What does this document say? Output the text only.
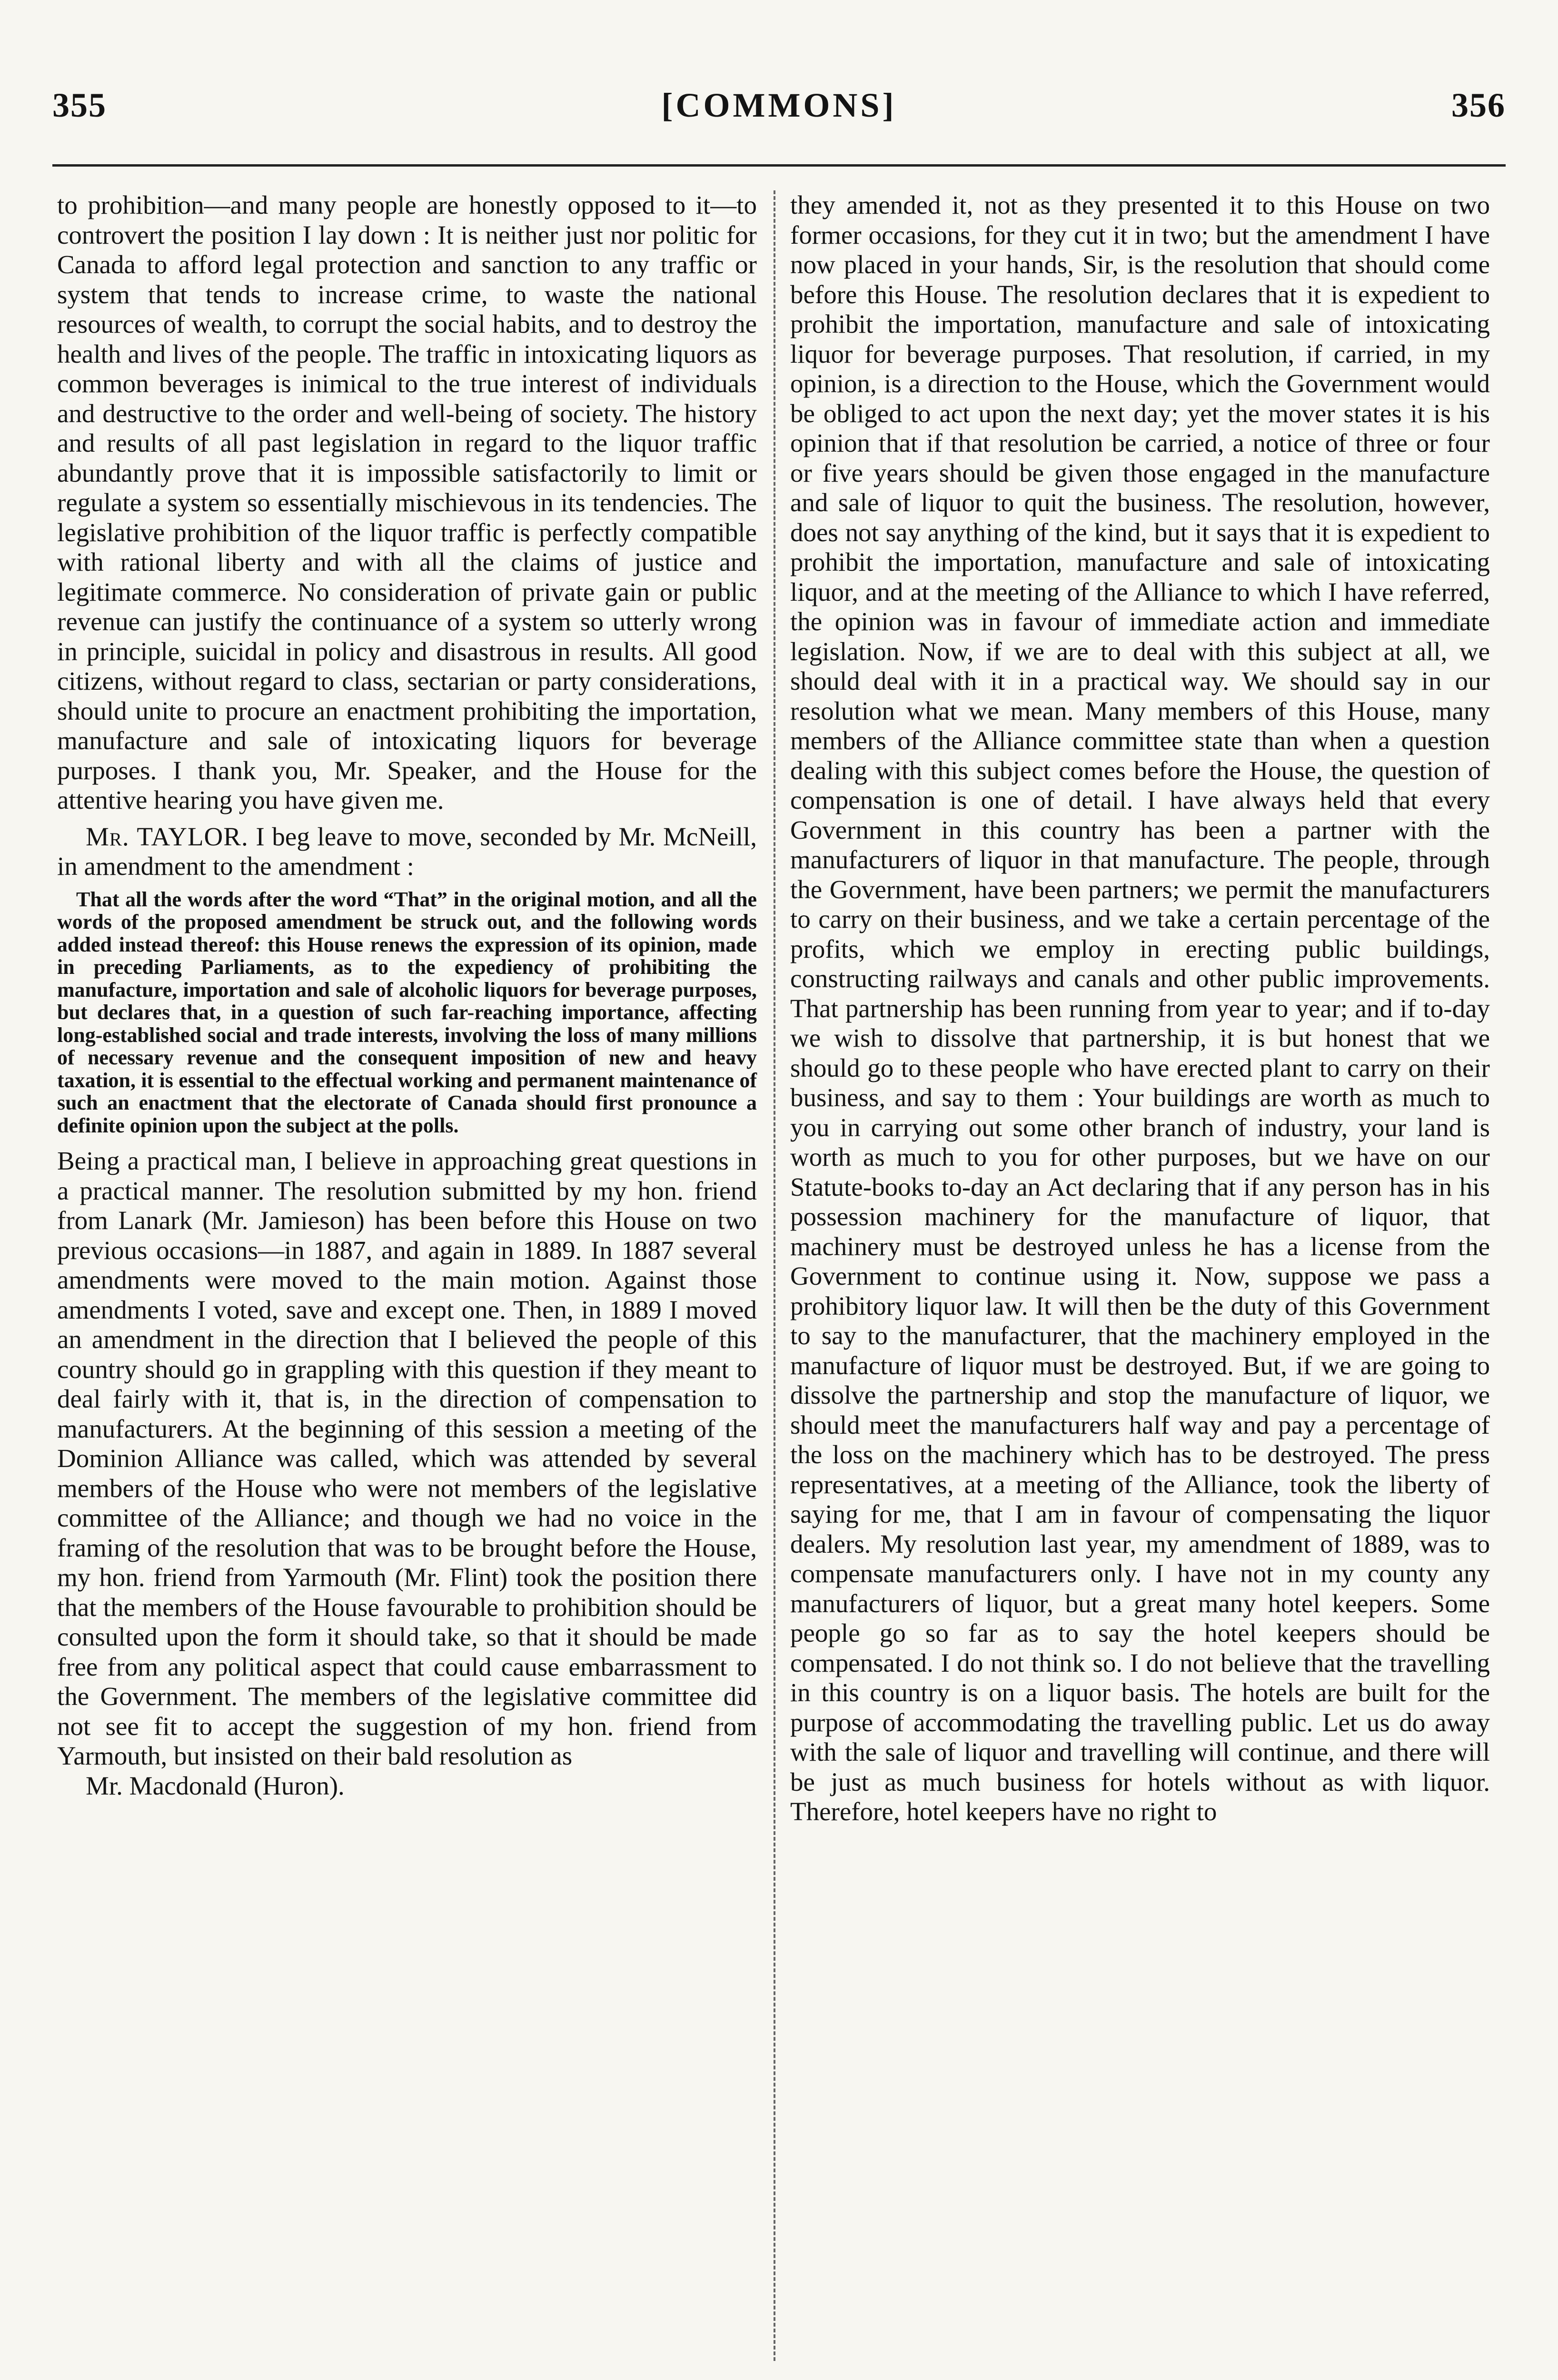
355	[COMMONS]	356

to prohibition—and many people are honestly opposed to it—to controvert the position I lay down : It is neither just nor politic for Canada to afford legal protection and sanction to any traffic or system that tends to increase crime, to waste the national resources of wealth, to corrupt the social habits, and to destroy the health and lives of the people. The traffic in intoxicating liquors as common beverages is inimical to the true interest of individuals and destructive to the order and well-being of society. The history and results of all past legislation in regard to the liquor traffic abundantly prove that it is impossible satisfactorily to limit or regulate a system so essentially mischievous in its tendencies. The legislative prohibition of the liquor traffic is perfectly compatible with rational liberty and with all the claims of justice and legitimate commerce. No consideration of private gain or public revenue can justify the continuance of a system so utterly wrong in principle, suicidal in policy and disastrous in results. All good citizens, without regard to class, sectarian or party considerations, should unite to procure an enactment prohibiting the importation, manufacture and sale of intoxicating liquors for beverage purposes. I thank you, Mr. Speaker, and the House for the attentive hearing you have given me.

Mr. TAYLOR. I beg leave to move, seconded by Mr. McNeill, in amendment to the amendment :

That all the words after the word “That” in the original motion, and all the words of the proposed amendment be struck out, and the following words added instead thereof: this House renews the expression of its opinion, made in preceding Parliaments, as to the expediency of prohibiting the manufacture, importation and sale of alcoholic liquors for beverage purposes, but declares that, in a question of such far-reaching importance, affecting long-established social and trade interests, involving the loss of many millions of necessary revenue and the consequent imposition of new and heavy taxation, it is essential to the effectual working and permanent maintenance of such an enactment that the electorate of Canada should first pronounce a definite opinion upon the subject at the polls.

Being a practical man, I believe in approaching great questions in a practical manner. The resolution submitted by my hon. friend from Lanark (Mr. Jamieson) has been before this House on two previous occasions—in 1887, and again in 1889. In 1887 several amendments were moved to the main motion. Against those amendments I voted, save and except one. Then, in 1889 I moved an amendment in the direction that I believed the people of this country should go in grappling with this question if they meant to deal fairly with it, that is, in the direction of compensation to manufacturers. At the beginning of this session a meeting of the Dominion Alliance was called, which was attended by several members of the House who were not members of the legislative committee of the Alliance; and though we had no voice in the framing of the resolution that was to be brought before the House, my hon. friend from Yarmouth (Mr. Flint) took the position there that the members of the House favourable to prohibition should be consulted upon the form it should take, so that it should be made free from any political aspect that could cause embarrassment to the Government. The members of the legislative committee did not see fit to accept the suggestion of my hon. friend from Yarmouth, but insisted on their bald resolution as

Mr. Macdonald (Huron).

they amended it, not as they presented it to this House on two former occasions, for they cut it in two; but the amendment I have now placed in your hands, Sir, is the resolution that should come before this House. The resolution declares that it is expedient to prohibit the importation, manufacture and sale of intoxicating liquor for beverage purposes. That resolution, if carried, in my opinion, is a direction to the House, which the Government would be obliged to act upon the next day; yet the mover states it is his opinion that if that resolution be carried, a notice of three or four or five years should be given those engaged in the manufacture and sale of liquor to quit the business. The resolution, however, does not say anything of the kind, but it says that it is expedient to prohibit the importation, manufacture and sale of intoxicating liquor, and at the meeting of the Alliance to which I have referred, the opinion was in favour of immediate action and immediate legislation. Now, if we are to deal with this subject at all, we should deal with it in a practical way. We should say in our resolution what we mean. Many members of this House, many members of the Alliance committee state than when a question dealing with this subject comes before the House, the question of compensation is one of detail. I have always held that every Government in this country has been a partner with the manufacturers of liquor in that manufacture. The people, through the Government, have been partners; we permit the manufacturers to carry on their business, and we take a certain percentage of the profits, which we employ in erecting public buildings, constructing railways and canals and other public improvements. That partnership has been running from year to year; and if to-day we wish to dissolve that partnership, it is but honest that we should go to these people who have erected plant to carry on their business, and say to them : Your buildings are worth as much to you in carrying out some other branch of industry, your land is worth as much to you for other purposes, but we have on our Statute-books to-day an Act declaring that if any person has in his possession machinery for the manufacture of liquor, that machinery must be destroyed unless he has a license from the Government to continue using it. Now, suppose we pass a prohibitory liquor law. It will then be the duty of this Government to say to the manufacturer, that the machinery employed in the manufacture of liquor must be destroyed. But, if we are going to dissolve the partnership and stop the manufacture of liquor, we should meet the manufacturers half way and pay a percentage of the loss on the machinery which has to be destroyed. The press representatives, at a meeting of the Alliance, took the liberty of saying for me, that I am in favour of compensating the liquor dealers. My resolution last year, my amendment of 1889, was to compensate manufacturers only. I have not in my county any manufacturers of liquor, but a great many hotel keepers. Some people go so far as to say the hotel keepers should be compensated. I do not think so. I do not believe that the travelling in this country is on a liquor basis. The hotels are built for the purpose of accommodating the travelling public. Let us do away with the sale of liquor and travelling will continue, and there will be just as much business for hotels without as with liquor. Therefore, hotel keepers have no right to
